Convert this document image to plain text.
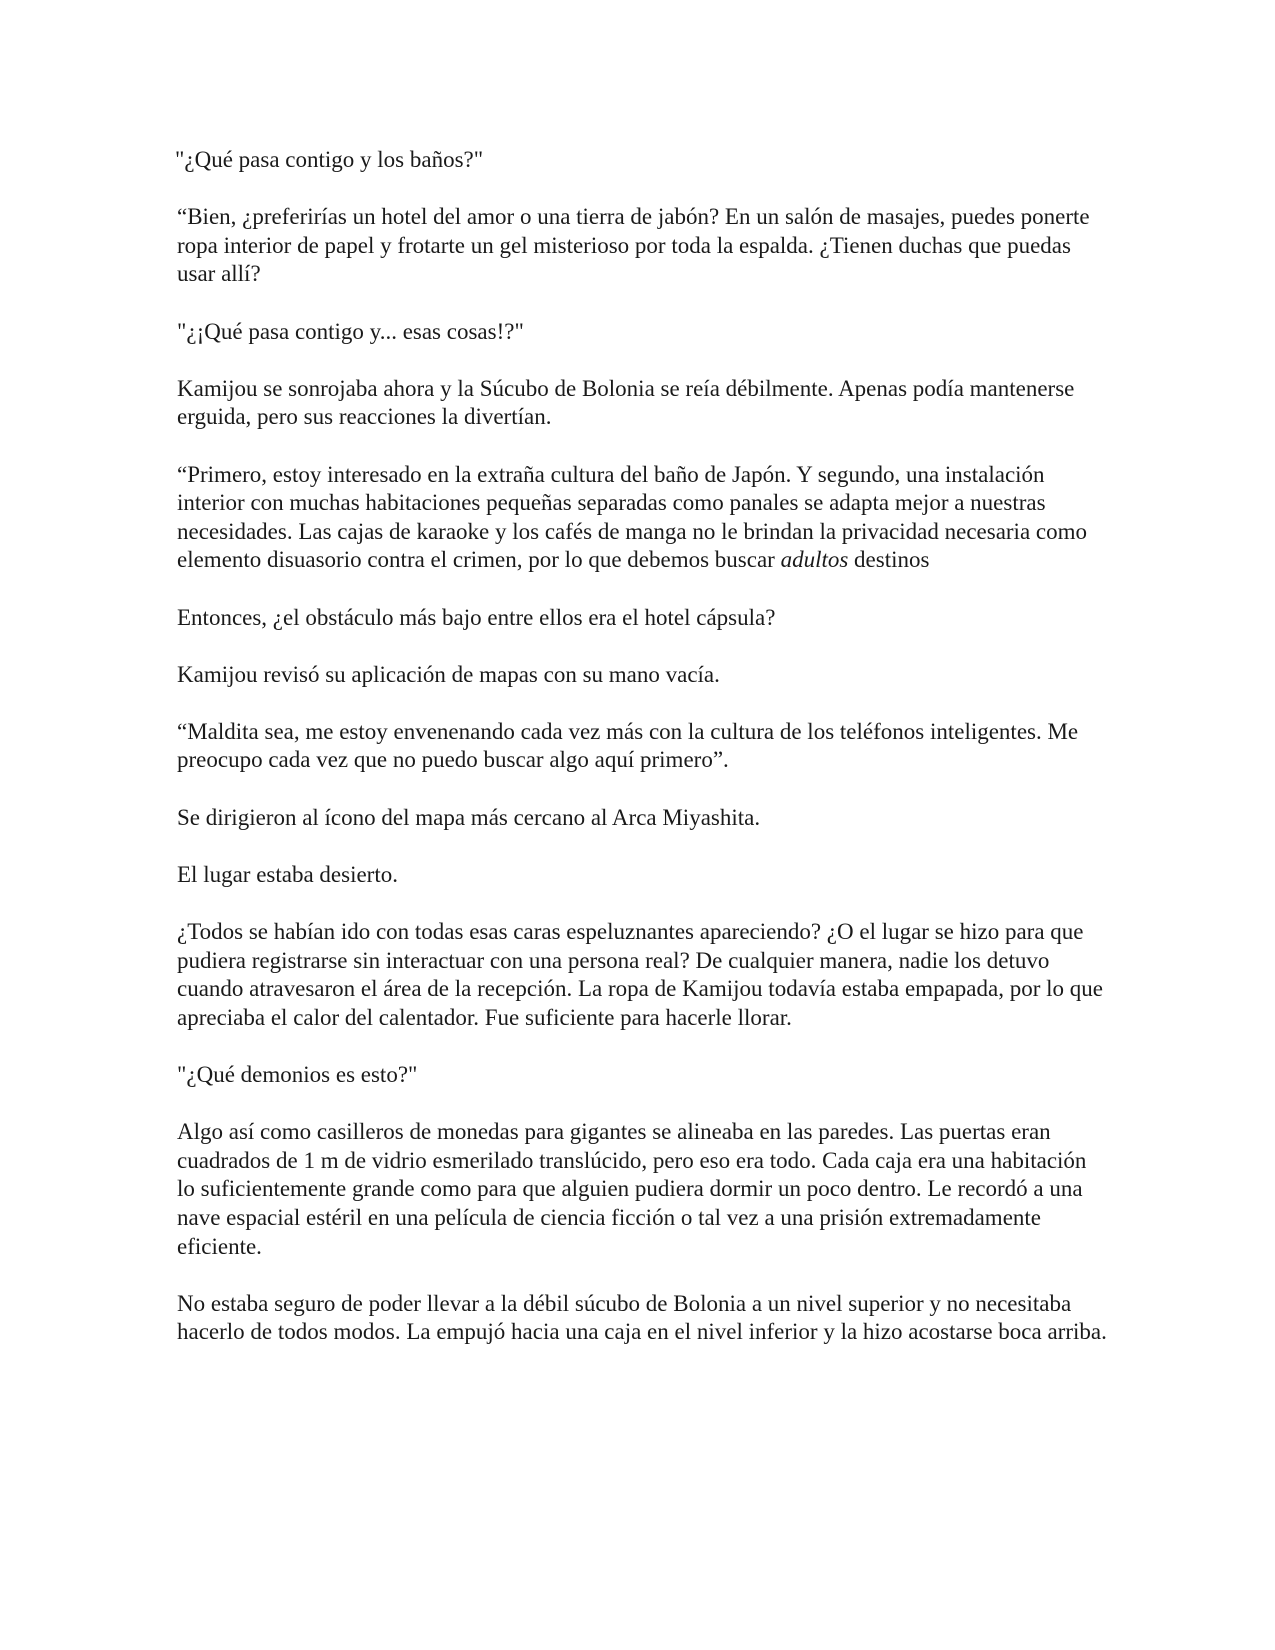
"¿Qué pasa contigo y los baños?"

“Bien, ¿preferirías un hotel del amor o una tierra de jabón? En un salón de masajes, puedes ponerte ropa interior de papel y frotarte un gel misterioso por toda la espalda. ¿Tienen duchas que puedas usar allí?

"¿¡Qué pasa contigo y... esas cosas!?"

Kamijou se sonrojaba ahora y la Súcubo de Bolonia se reía débilmente. Apenas podía mantenerse erguida, pero sus reacciones la divertían.

“Primero, estoy interesado en la extraña cultura del baño de Japón. Y segundo, una instalación interior con muchas habitaciones pequeñas separadas como panales se adapta mejor a nuestras necesidades. Las cajas de karaoke y los cafés de manga no le brindan la privacidad necesaria como elemento disuasorio contra el crimen, por lo que debemos buscar adultos destinos

Entonces, ¿el obstáculo más bajo entre ellos era el hotel cápsula?

Kamijou revisó su aplicación de mapas con su mano vacía.

“Maldita sea, me estoy envenenando cada vez más con la cultura de los teléfonos inteligentes. Me preocupo cada vez que no puedo buscar algo aquí primero”.

Se dirigieron al ícono del mapa más cercano al Arca Miyashita.

El lugar estaba desierto.

¿Todos se habían ido con todas esas caras espeluznantes apareciendo? ¿O el lugar se hizo para que pudiera registrarse sin interactuar con una persona real? De cualquier manera, nadie los detuvo cuando atravesaron el área de la recepción. La ropa de Kamijou todavía estaba empapada, por lo que apreciaba el calor del calentador. Fue suficiente para hacerle llorar.

"¿Qué demonios es esto?"

Algo así como casilleros de monedas para gigantes se alineaba en las paredes. Las puertas eran cuadrados de 1 m de vidrio esmerilado translúcido, pero eso era todo. Cada caja era una habitación lo suficientemente grande como para que alguien pudiera dormir un poco dentro. Le recordó a una nave espacial estéril en una película de ciencia ficción o tal vez a una prisión extremadamente eficiente.

No estaba seguro de poder llevar a la débil súcubo de Bolonia a un nivel superior y no necesitaba hacerlo de todos modos. La empujó hacia una caja en el nivel inferior y la hizo acostarse boca arriba.
